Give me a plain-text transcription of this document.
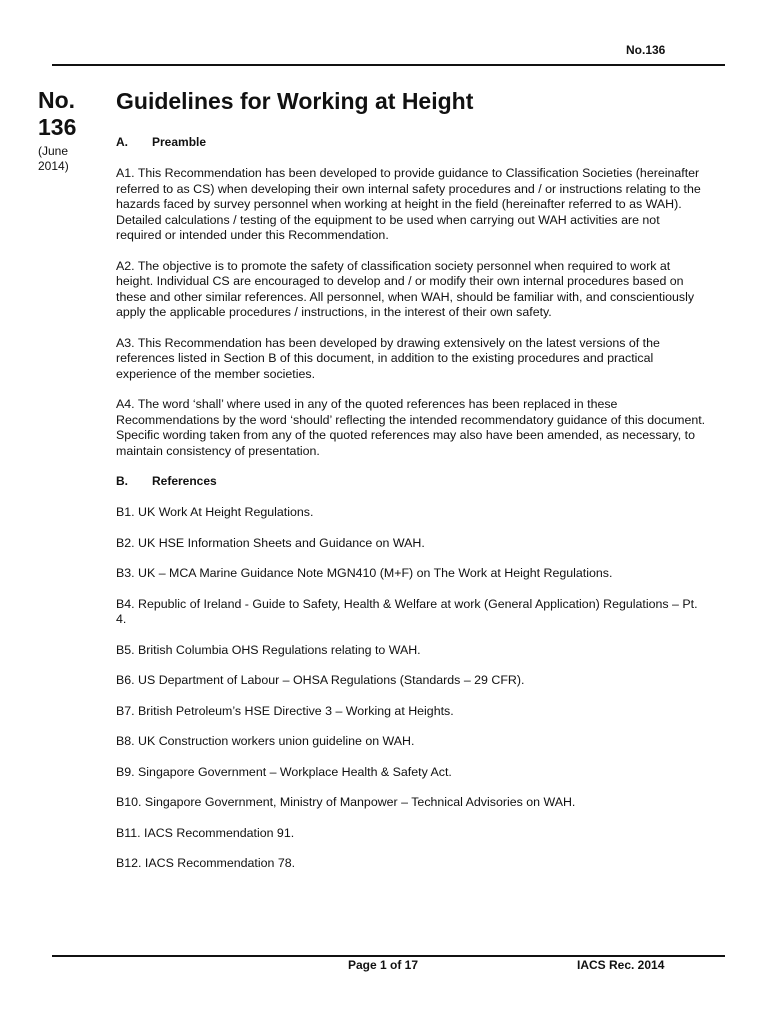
No.136
No.
136
(June
2014)
Guidelines for Working at Height
A. Preamble

A1. This Recommendation has been developed to provide guidance to Classification Societies (hereinafter referred to as CS) when developing their own internal safety procedures and / or instructions relating to the hazards faced by survey personnel when working at height in the field (hereinafter referred to as WAH). Detailed calculations / testing of the equipment to be used when carrying out WAH activities are not required or intended under this Recommendation.

A2. The objective is to promote the safety of classification society personnel when required to work at height. Individual CS are encouraged to develop and / or modify their own internal procedures based on these and other similar references. All personnel, when WAH, should be familiar with, and conscientiously apply the applicable procedures / instructions, in the interest of their own safety.

A3. This Recommendation has been developed by drawing extensively on the latest versions of the references listed in Section B of this document, in addition to the existing procedures and practical experience of the member societies.

A4. The word ‘shall’ where used in any of the quoted references has been replaced in these Recommendations by the word ‘should’ reflecting the intended recommendatory guidance of this document. Specific wording taken from any of the quoted references may also have been amended, as necessary, to maintain consistency of presentation.

B. References

B1. UK Work At Height Regulations.

B2. UK HSE Information Sheets and Guidance on WAH.

B3. UK – MCA Marine Guidance Note MGN410 (M+F) on The Work at Height Regulations.

B4. Republic of Ireland - Guide to Safety, Health & Welfare at work (General Application) Regulations – Pt. 4.

B5. British Columbia OHS Regulations relating to WAH.

B6. US Department of Labour – OHSA Regulations (Standards – 29 CFR).

B7. British Petroleum’s HSE Directive 3 – Working at Heights.

B8. UK Construction workers union guideline on WAH.

B9. Singapore Government – Workplace Health & Safety Act.

B10. Singapore Government, Ministry of Manpower – Technical Advisories on WAH.

B11. IACS Recommendation 91.

B12. IACS Recommendation 78.

Page 1 of 17	IACS Rec. 2014
